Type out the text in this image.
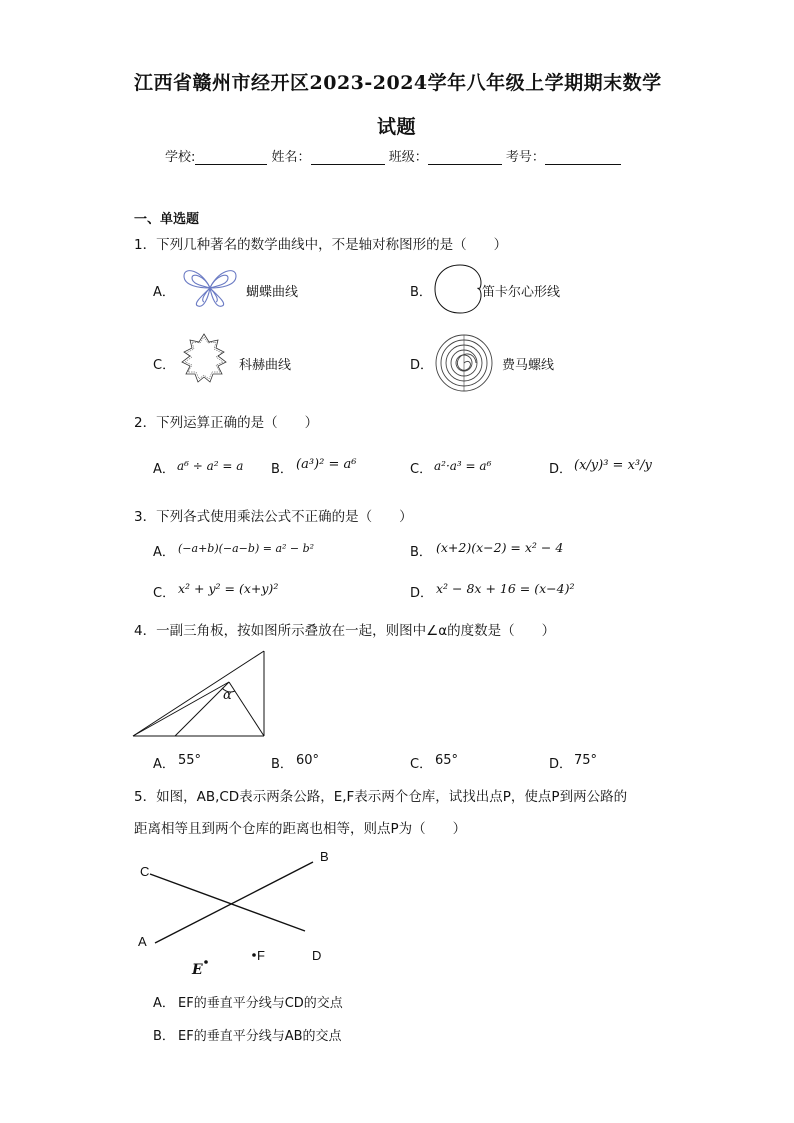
江西省赣州市经开区2023-2024学年八年级上学期期末数学
试题
学校:	姓名：	班级：	考号：
一、单选题
1．下列几种著名的数学曲线中，不是轴对称图形的是（　　）
A．	蝴蝶曲线	B．	笛卡尔心形线
C．	科赫曲线	D．	费马螺线
2．下列运算正确的是（　　）
A． a⁶ ÷ a² = a B． (a³)² = a⁶	C． a²·a³ = a⁶	D． (x/y)³ = x³/y
3．下列各式使用乘法公式不正确的是（　　）
A． (−a+b)(−a−b) = a² − b²	B． (x+2)(x−2) = x² − 4
C． x² + y² = (x+y)²	D． x² − 8x + 16 = (x−4)²
4．一副三角板，按如图所示叠放在一起，则图中∠α的度数是（　　）
α
A． 55°	B． 60°	C． 65°	D． 75°
5．如图，AB,CD表示两条公路，E,F表示两个仓库，试找出点P，使点P到两公路的
距离相等且到两个仓库的距离也相等，则点P为（　　）
C
B
A
D
F
E
A． EF的垂直平分线与CD的交点
B． EF的垂直平分线与AB的交点
